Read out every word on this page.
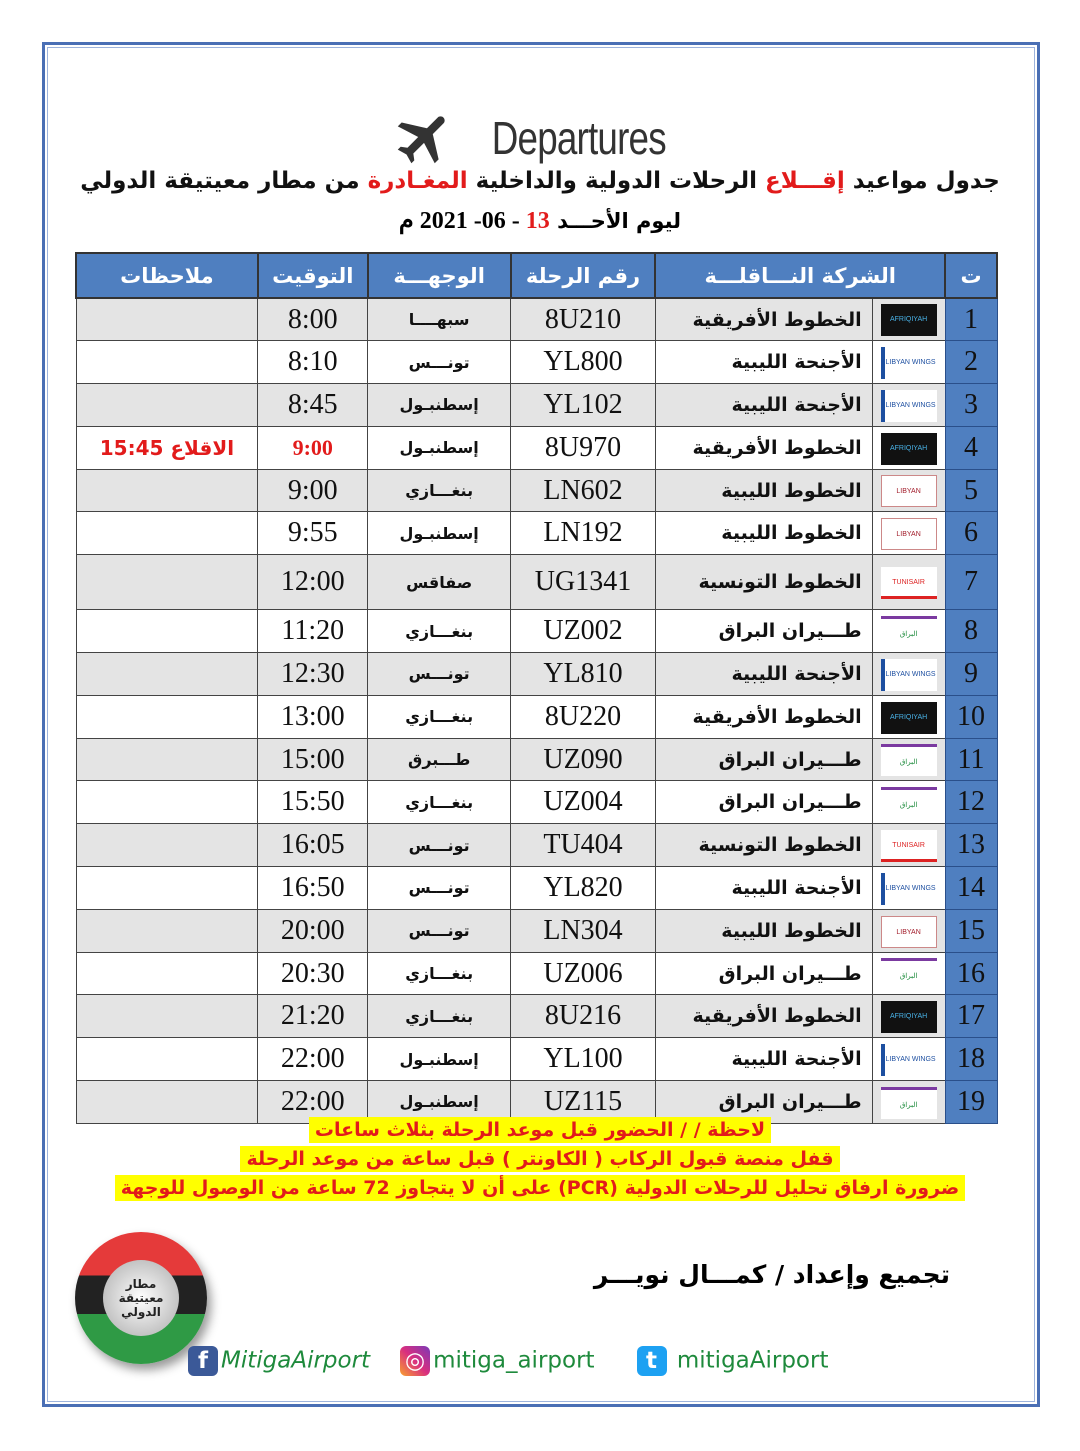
Departures
جدول مواعيد إقـــلاع الرحلات الدولية والداخلية المغـادرة من مطار معيتيقة الدولي
ليوم الأحـــد 13 - 06- 2021 م
ت	الشركة النـــاقلـــة		رقم الرحلة	الوجهـــة	التوقيت	ملاحظات
1	AFRIQIYAH	الخطوط الأفريقية	8U210	سبهــــا	8:00	
2	LIBYAN WINGS	الأجنحة الليبية	YL800	تونـــس	8:10	
3	LIBYAN WINGS	الأجنحة الليبية	YL102	إسطنبـول	8:45	
4	AFRIQIYAH	الخطوط الأفريقية	8U970	إسطنبـول	9:00	الاقلاع 15:45
5	LIBYAN	الخطوط الليبية	LN602	بنغـــازي	9:00	
6	LIBYAN	الخطوط الليبية	LN192	إسطنبـول	9:55	
7	TUNISAIR	الخطوط التونسية	UG1341	صفاقس	12:00	
8	البراق	طـــيران البراق	UZ002	بنغـــازي	11:20	
9	LIBYAN WINGS	الأجنحة الليبية	YL810	تونـــس	12:30	
10	AFRIQIYAH	الخطوط الأفريقية	8U220	بنغـــازي	13:00	
11	البراق	طـــيران البراق	UZ090	طـــبرق	15:00	
12	البراق	طـــيران البراق	UZ004	بنغـــازي	15:50	
13	TUNISAIR	الخطوط التونسية	TU404	تونـــس	16:05	
14	LIBYAN WINGS	الأجنحة الليبية	YL820	تونـــس	16:50	
15	LIBYAN	الخطوط الليبية	LN304	تونـــس	20:00	
16	البراق	طـــيران البراق	UZ006	بنغـــازي	20:30	
17	AFRIQIYAH	الخطوط الأفريقية	8U216	بنغـــازي	21:20	
18	LIBYAN WINGS	الأجنحة الليبية	YL100	إسطنبـول	22:00	
19	البراق	طـــيران البراق	UZ115	إسطنبـول	22:00	
لاحظة / / الحضور قبل موعد الرحلة بثلاث ساعات
قفل منصة قبول الركاب ( الكاونتر ) قبل ساعة من موعد الرحلة
ضرورة ارفاق تحليل للرحلات الدولية (PCR) على أن لا يتجاوز 72 ساعة من الوصول للوجهة
مطار معيتيقة الدولي
تجميع وإعداد / كمـــال نويـــر
f MitigaAirport ◎ mitiga_airport	t mitigaAirport
